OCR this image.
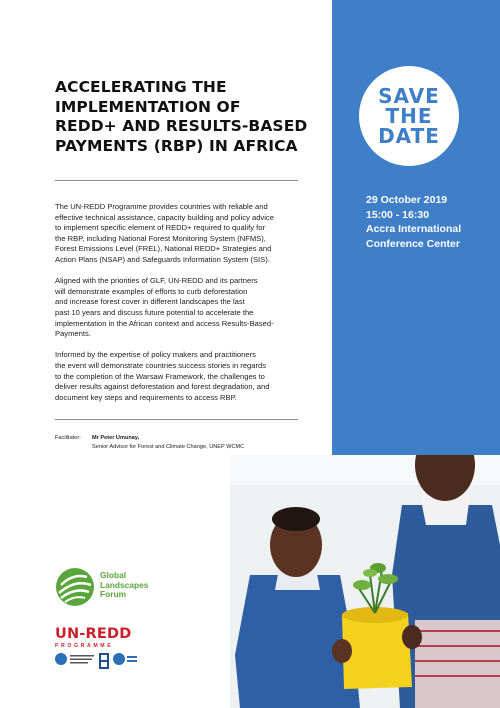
SAVE
THE
DATE
29 October 2019
15:00 - 16:30
Accra International
Conference Center
ACCELERATING THE
IMPLEMENTATION OF
REDD+ AND RESULTS-BASED
PAYMENTS (RBP) IN AFRICA

The UN-REDD Programme provides countries with reliable and
effective technical assistance, capacity building and policy advice
to implement specific element of REDD+ required to qualify for
the RBP, including National Forest Monitoring System (NFMS),
Forest Emissions Level (FREL), National REDD+ Strategies and
Action Plans (NSAP) and Safeguards Information System (SIS).

Aligned with the priorities of GLF, UN-REDD and its partners
will demonstrate examples of efforts to curb deforestation
and increase forest cover in different landscapes the last
past 10 years and discuss future potential to accelerate the
implementation in the African context and access Results-Based-
Payments.

Informed by the expertise of policy makers and practitioners
the event will demonstrate countries success stories in regards
to the completion of the Warsaw Framework, the challenges to
deliver results against deforestation and forest degradation, and
document key steps and requirements to access RBP.

Facilitator: Mr Peter Umunay,
Senior Advisor for Forest and Climate Change, UNEP WCMC
Global
Landscapes
Forum
UN-REDD
PROGRAMME
